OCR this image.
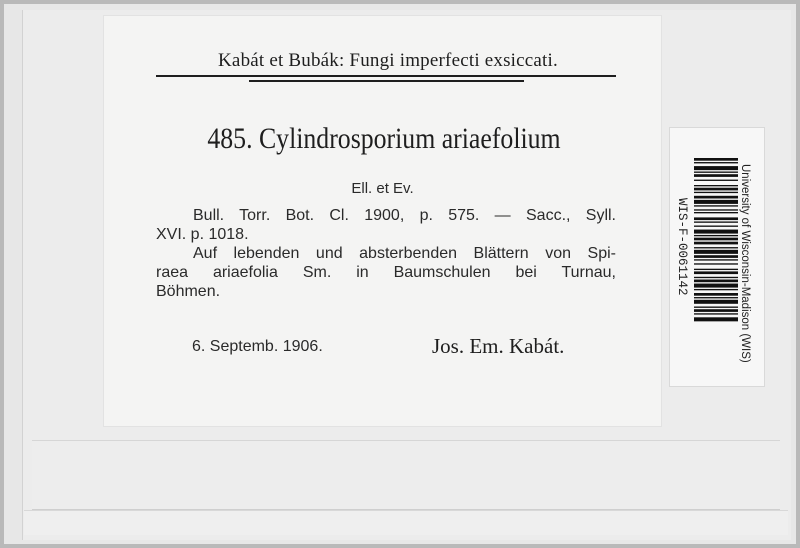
Kabát et Bubák: Fungi imperfecti exsiccati.
485. Cylindrosporium ariaefolium
Ell. et Ev.
Bull. Torr. Bot. Cl. 1900, p. 575. — Sacc., Syll.
XVI. p. 1018.
Auf lebenden und absterbenden Blättern von Spi-
raea ariaefolia Sm. in Baumschulen bei Turnau,
Böhmen.
6. Septemb. 1906.	Jos. Em. Kabát.	University of Wisconsin-Madison (WIS)
WIS-F-0061142
